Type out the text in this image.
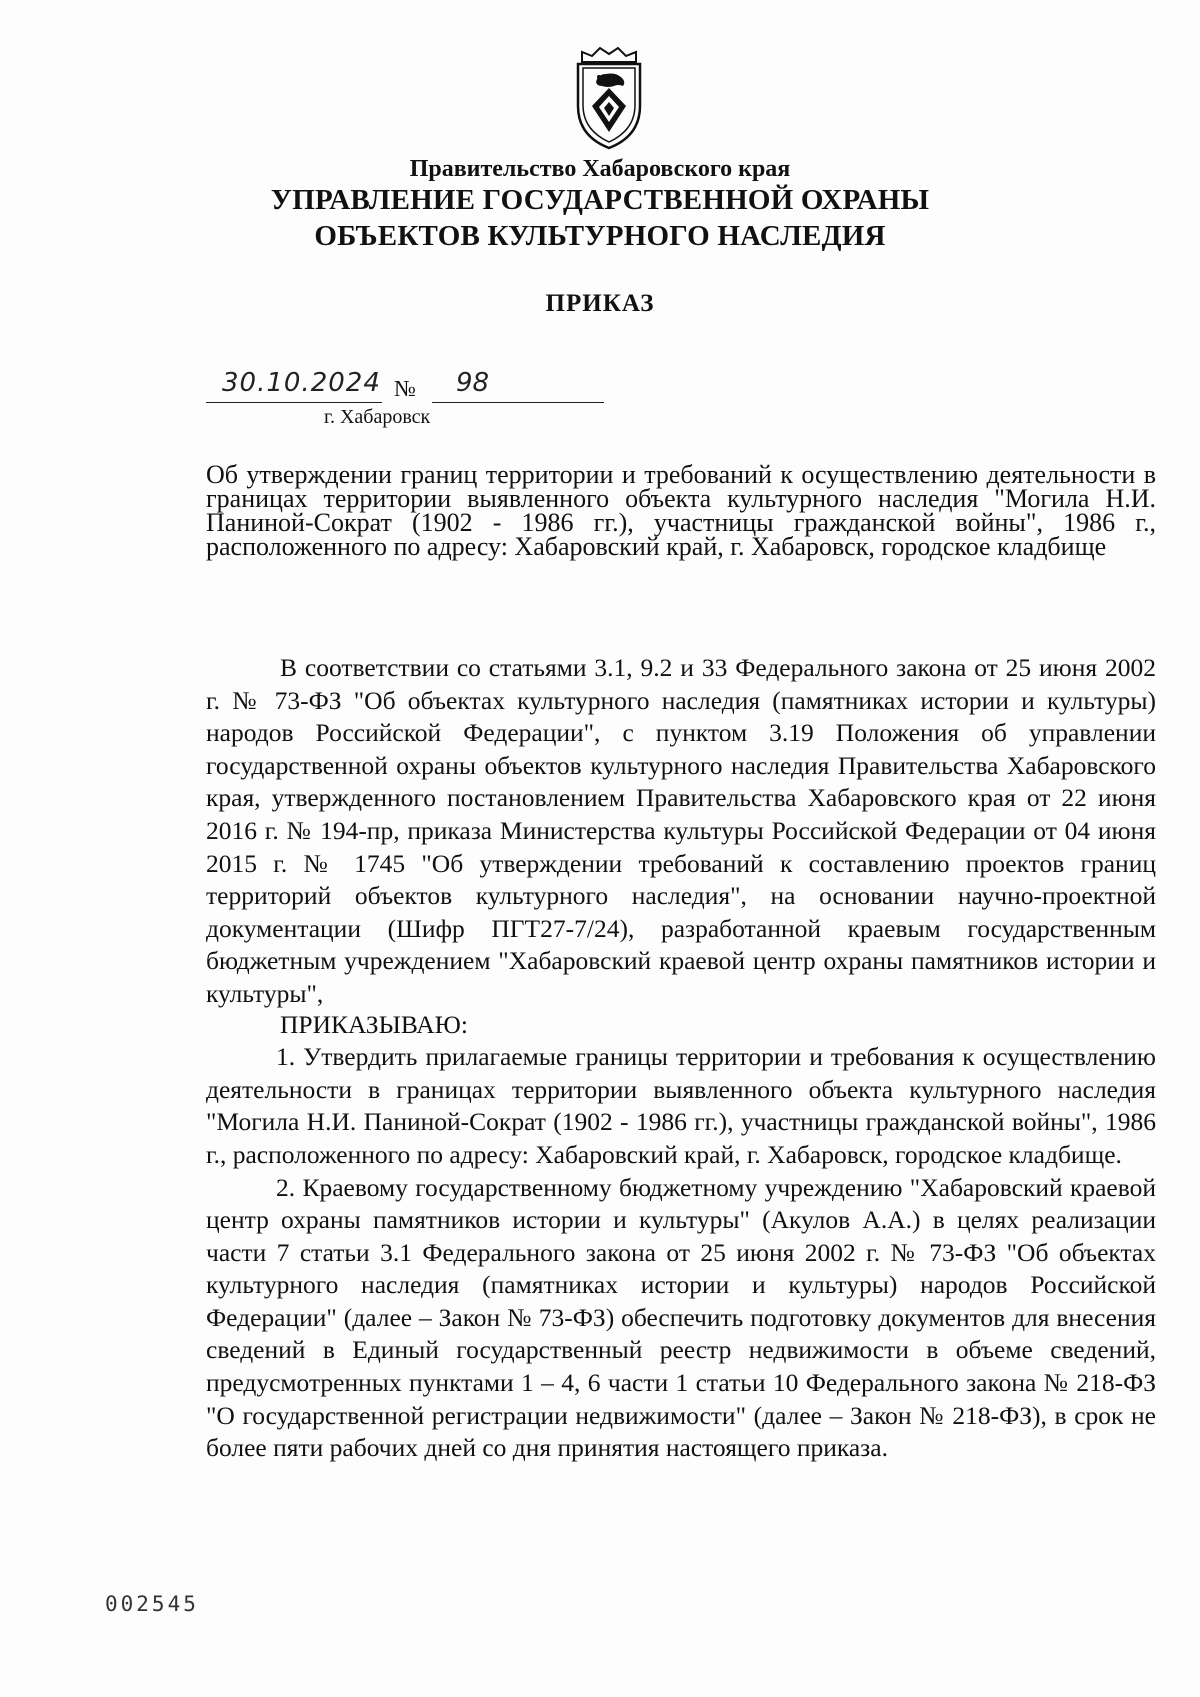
Правительство Хабаровского края
УПРАВЛЕНИЕ ГОСУДАРСТВЕННОЙ ОХРАНЫ
ОБЪЕКТОВ КУЛЬТУРНОГО НАСЛЕДИЯ
ПРИКАЗ
30.10.2024 № 98
г. Хабаровск

Об утверждении границ территории и требований к осуществлению деятельности в границах территории выявленного объекта культурного наследия "Могила Н.И. Паниной-Сократ (1902 - 1986 гг.), участницы гражданской войны", 1986 г., расположенного по адресу: Хабаровский край, г. Хабаровск, городское кладбище

В соответствии со статьями 3.1, 9.2 и 33 Федерального закона от 25 июня 2002 г. № 73-ФЗ "Об объектах культурного наследия (памятниках истории и культуры) народов Российской Федерации", с пунктом 3.19 Положения об управлении государственной охраны объектов культурного наследия Правительства Хабаровского края, утвержденного постановлением Правительства Хабаровского края от 22 июня 2016 г. № 194-пр, приказа Министерства культуры Российской Федерации от 04 июня 2015 г. № 1745 "Об утверждении требований к составлению проектов границ территорий объектов культурного наследия", на основании научно-проектной документации (Шифр ПГТ27-7/24), разработанной краевым государственным бюджетным учреждением "Хабаровский краевой центр охраны памятников истории и культуры",

ПРИКАЗЫВАЮ:

1. Утвердить прилагаемые границы территории и требования к осуществлению деятельности в границах территории выявленного объекта культурного наследия "Могила Н.И. Паниной-Сократ (1902 - 1986 гг.), участницы гражданской войны", 1986 г., расположенного по адресу: Хабаровский край, г. Хабаровск, городское кладбище.

2. Краевому государственному бюджетному учреждению "Хабаровский краевой центр охраны памятников истории и культуры" (Акулов А.А.) в целях реализации части 7 статьи 3.1 Федерального закона от 25 июня 2002 г. № 73-ФЗ "Об объектах культурного наследия (памятниках истории и культуры) народов Российской Федерации" (далее – Закон № 73-ФЗ) обеспечить подготовку документов для внесения сведений в Единый государственный реестр недвижимости в объеме сведений, предусмотренных пунктами 1 – 4, 6 части 1 статьи 10 Федерального закона № 218-ФЗ "О государственной регистрации недвижимости" (далее – Закон № 218-ФЗ), в срок не более пяти рабочих дней со дня принятия настоящего приказа.

002545
